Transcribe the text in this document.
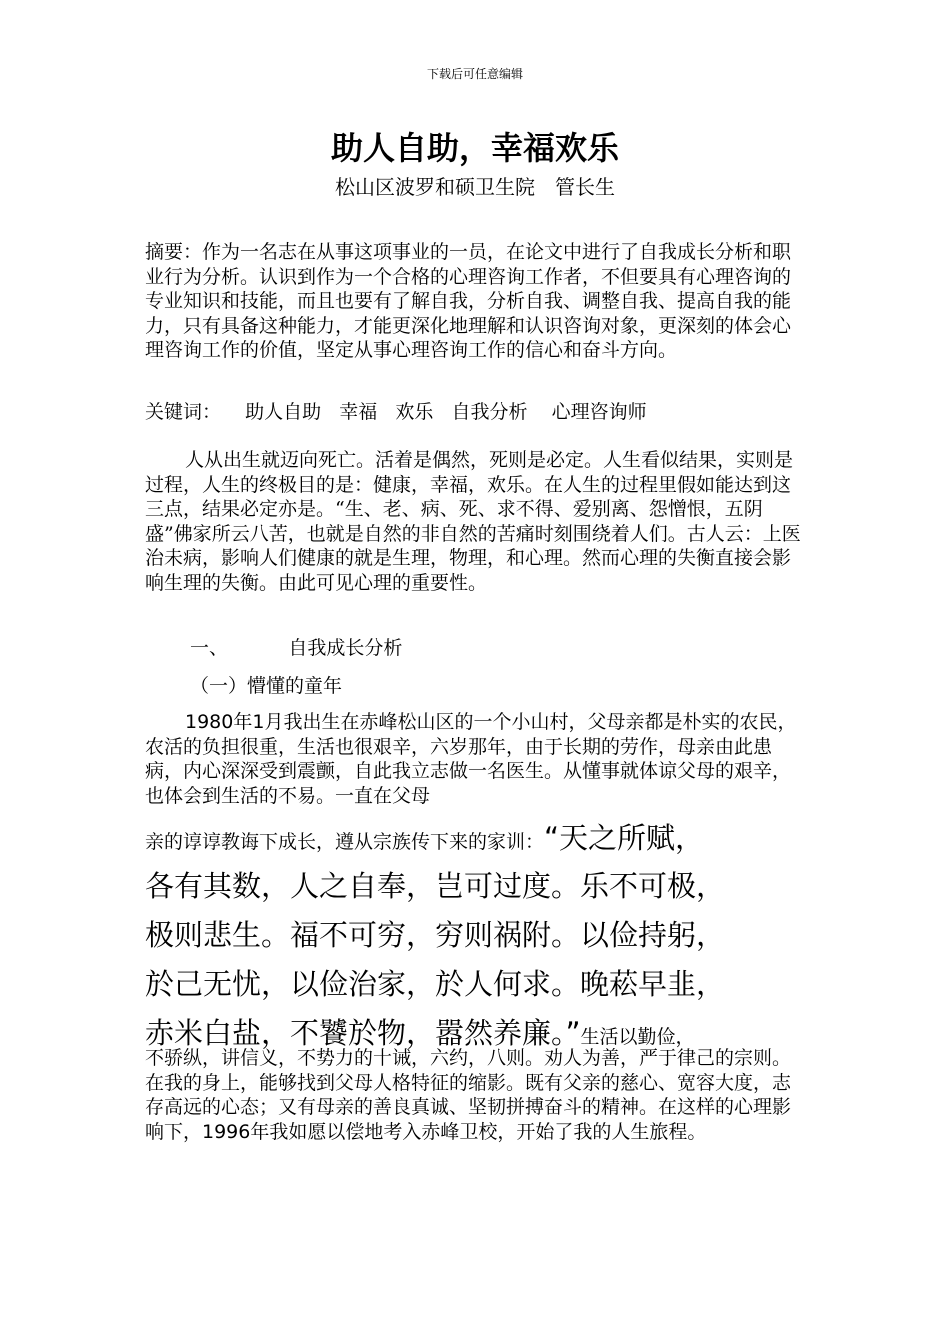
下载后可任意编辑
助人自助，幸福欢乐
松山区波罗和硕卫生院　管长生
摘要：作为一名志在从事这项事业的一员，在论文中进行了自我成长分析和职业行为分析。认识到作为一个合格的心理咨询工作者，不但要具有心理咨询的专业知识和技能，而且也要有了解自我，分析自我、调整自我、提高自我的能力，只有具备这种能力，才能更深化地理解和认识咨询对象，更深刻的体会心理咨询工作的价值，坚定从事心理咨询工作的信心和奋斗方向。
关键词：    助人自助   幸福   欢乐   自我分析    心理咨询师
人从出生就迈向死亡。活着是偶然，死则是必定。人生看似结果，实则是过程，人生的终极目的是：健康，幸福，欢乐。在人生的过程里假如能达到这三点，结果必定亦是。“生、老、病、死、求不得、爱别离、怨憎恨，五阴盛”佛家所云八苦，也就是自然的非自然的苦痛时刻围绕着人们。古人云：上医治未病，影响人们健康的就是生理，物理，和心理。然而心理的失衡直接会影响生理的失衡。由此可见心理的重要性。
一、          自我成长分析
（一）懵懂的童年
1980年1月我出生在赤峰松山区的一个小山村，父母亲都是朴实的农民，农活的负担很重，生活也很艰辛，六岁那年，由于长期的劳作，母亲由此患病，内心深深受到震颤，自此我立志做一名医生。从懂事就体谅父母的艰辛，也体会到生活的不易。一直在父母
亲的谆谆教诲下成长，遵从宗族传下来的家训：“天之所赋，
各有其数，人之自奉，岂可过度。乐不可极，
极则悲生。福不可穷，穷则祸附。以俭持躬，
於己无忧，以俭治家，於人何求。晚菘早韭，
赤米白盐，不饕於物，嚣然养廉。”生活以勤俭，
不骄纵，讲信义，不势力的十诫，六约，八则。劝人为善，严于律己的宗则。在我的身上，能够找到父母人格特征的缩影。既有父亲的慈心、宽容大度，志存高远的心态；又有母亲的善良真诚、坚韧拼搏奋斗的精神。在这样的心理影响下，1996年我如愿以偿地考入赤峰卫校，开始了我的人生旅程。
